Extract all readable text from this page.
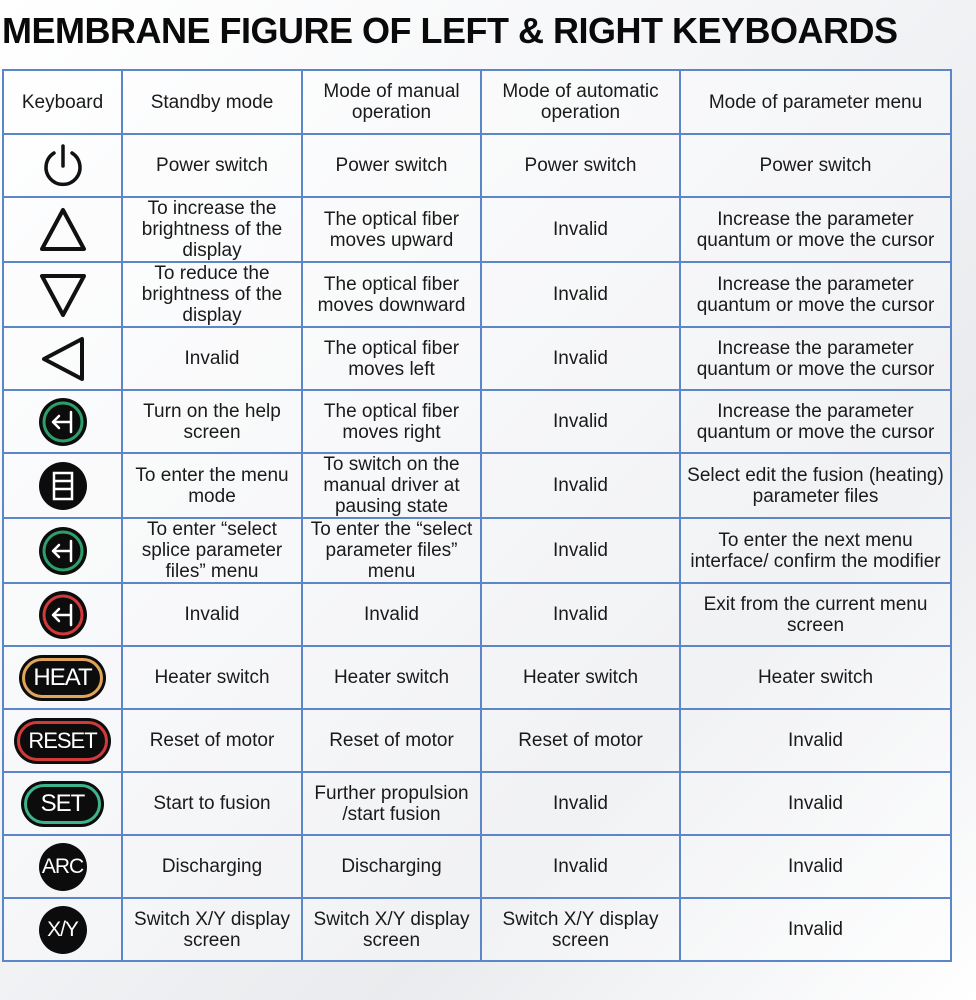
MEMBRANE FIGURE OF LEFT & RIGHT KEYBOARDS
Keyboard	Standby mode	Mode of manual operation	Mode of automatic operation	Mode of parameter menu
	Power switch	Power switch	Power switch	Power switch
	To increase the brightness of the display	The optical fiber moves upward	Invalid	Increase the parameter quantum or move the cursor
	To reduce the brightness of the display	The optical fiber moves downward	Invalid	Increase the parameter quantum or move the cursor
	Invalid	The optical fiber moves left	Invalid	Increase the parameter quantum or move the cursor
	Turn on the help screen	The optical fiber moves right	Invalid	Increase the parameter quantum or move the cursor
	To enter the menu mode	To switch on the manual driver at pausing state	Invalid	Select edit the fusion (heating) parameter files
	To enter “select splice parameter files” menu	To enter the “select parameter files” menu	Invalid	To enter the next menu interface/ confirm the modifier
	Invalid	Invalid	Invalid	Exit from the current menu screen
HEAT	Heater switch	Heater switch	Heater switch	Heater switch
RESET	Reset of motor	Reset of motor	Reset of motor	Invalid
SET	Start to fusion	Further propulsion /start fusion	Invalid	Invalid
ARC	Discharging	Discharging	Invalid	Invalid
X/Y	Switch X/Y display screen	Switch X/Y display screen	Switch X/Y display screen	Invalid
